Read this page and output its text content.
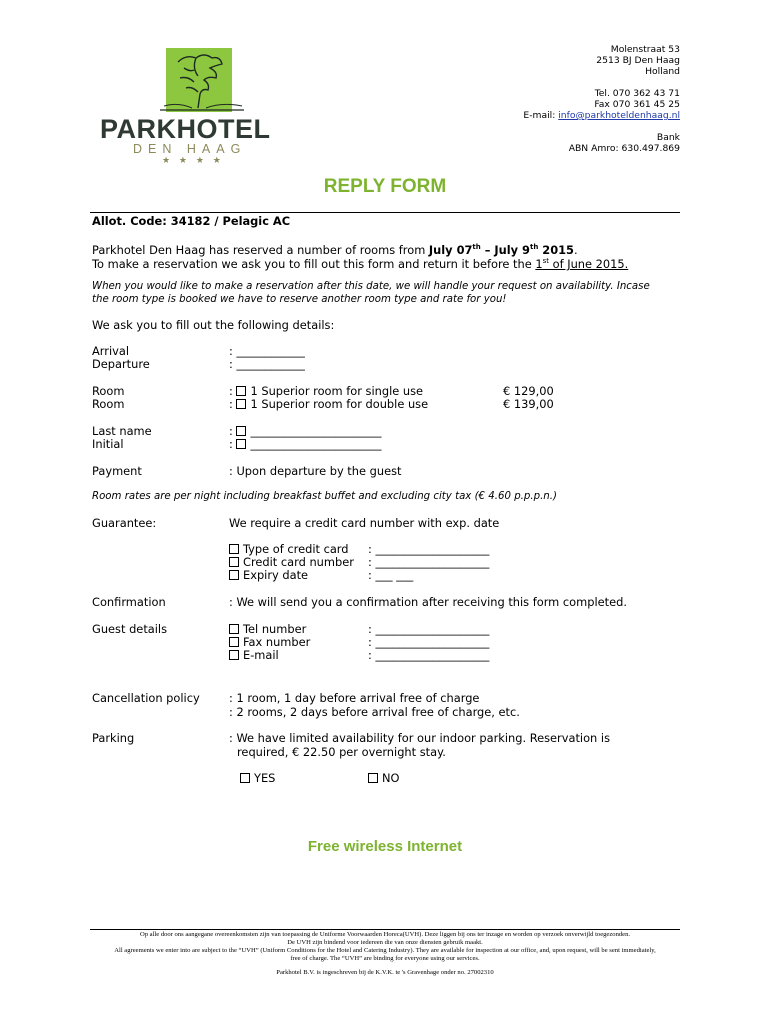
PARKHOTEL
DEN HAAG
★ ★ ★ ★
Molenstraat 53
2513 BJ Den Haag
Holland
Tel. 070 362 43 71
Fax 070 361 45 25
E-mail: info@parkhoteldenhaag.nl
Bank
ABN Amro: 630.497.869
REPLY FORM
Allot. Code: 34182 / Pelagic AC
Parkhotel Den Haag has reserved a number of rooms from July 07th – July 9th 2015.
To make a reservation we ask you to fill out this form and return it before the 1st of June 2015.
When you would like to make a reservation after this date, we will handle your request on availability. Incase
the room type is booked we have to reserve another room type and rate for you!
We ask you to fill out the following details:
Arrival	: ____________
Departure	: ____________
Room	: 1 Superior room for single use	€ 129,00
Room	: 1 Superior room for double use	€ 139,00
Last name	: _______________________
Initial	: _______________________
Payment	: Upon departure by the guest
Room rates are per night including breakfast buffet and excluding city tax (€ 4.60 p.p.p.n.)
Guarantee:	We require a credit card number with exp. date
Type of credit card : ____________________
Credit card number : ____________________
Expiry date	: ___ ___
Confirmation	: We will send you a confirmation after receiving this form completed.
Guest details	Tel number	: ____________________
Fax number	: ____________________
E-mail	: ____________________
Cancellation policy	: 1 room, 1 day before arrival free of charge
: 2 rooms, 2 days before arrival free of charge, etc.
Parking	: We have limited availability for our indoor parking. Reservation is
required, € 22.50 per overnight stay.
YES	NO
Free wireless Internet
Op alle door ons aangegane overeenkomsten zijn van toepassing de Uniforme Voorwaarden Horeca(UVH). Deze liggen bij ons ter inzage en worden op verzoek onverwijld toegezonden.
De UVH zijn bindend voor iedereen die van onze diensten gebruik maakt.
All agreements we enter into are subject to the “UVH” (Uniform Conditions for the Hotel and Catering Industry). They are available for inspection at our office, and, upon request, will be sent immediately,
free of charge. The “UVH” are binding for everyone using our services.
Parkhotel B.V. is ingeschreven bij de K.V.K. te 's Gravenhage onder no. 27002310
